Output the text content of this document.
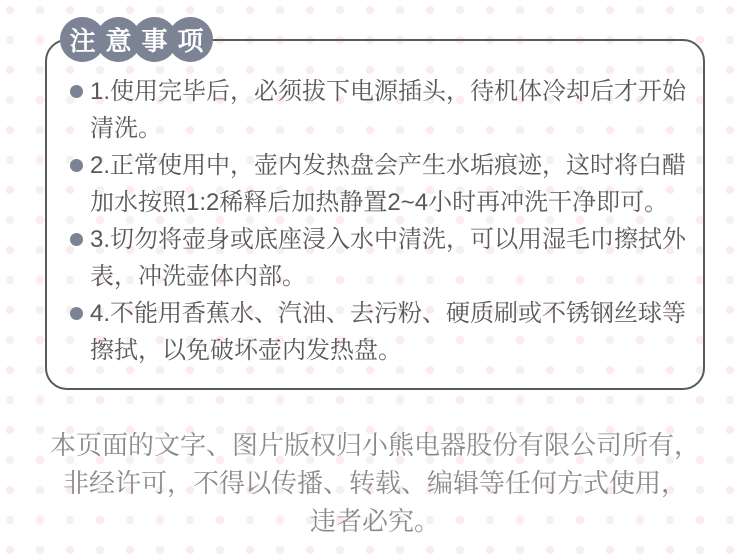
注 意 事 项
1.使用完毕后，必须拔下电源插头，待机体冷却后才开始清洗。
2.正常使用中，壶内发热盘会产生水垢痕迹，这时将白醋加水按照1:2稀释后加热静置2~4小时再冲洗干净即可。
3.切勿将壶身或底座浸入水中清洗，可以用湿毛巾擦拭外表，冲洗壶体内部。
4.不能用香蕉水、汽油、去污粉、硬质刷或不锈钢丝球等擦拭，以免破坏壶内发热盘。
本页面的文字、图片版权归小熊电器股份有限公司所有，
非经许可，不得以传播、转载、编辑等任何方式使用，
违者必究。
